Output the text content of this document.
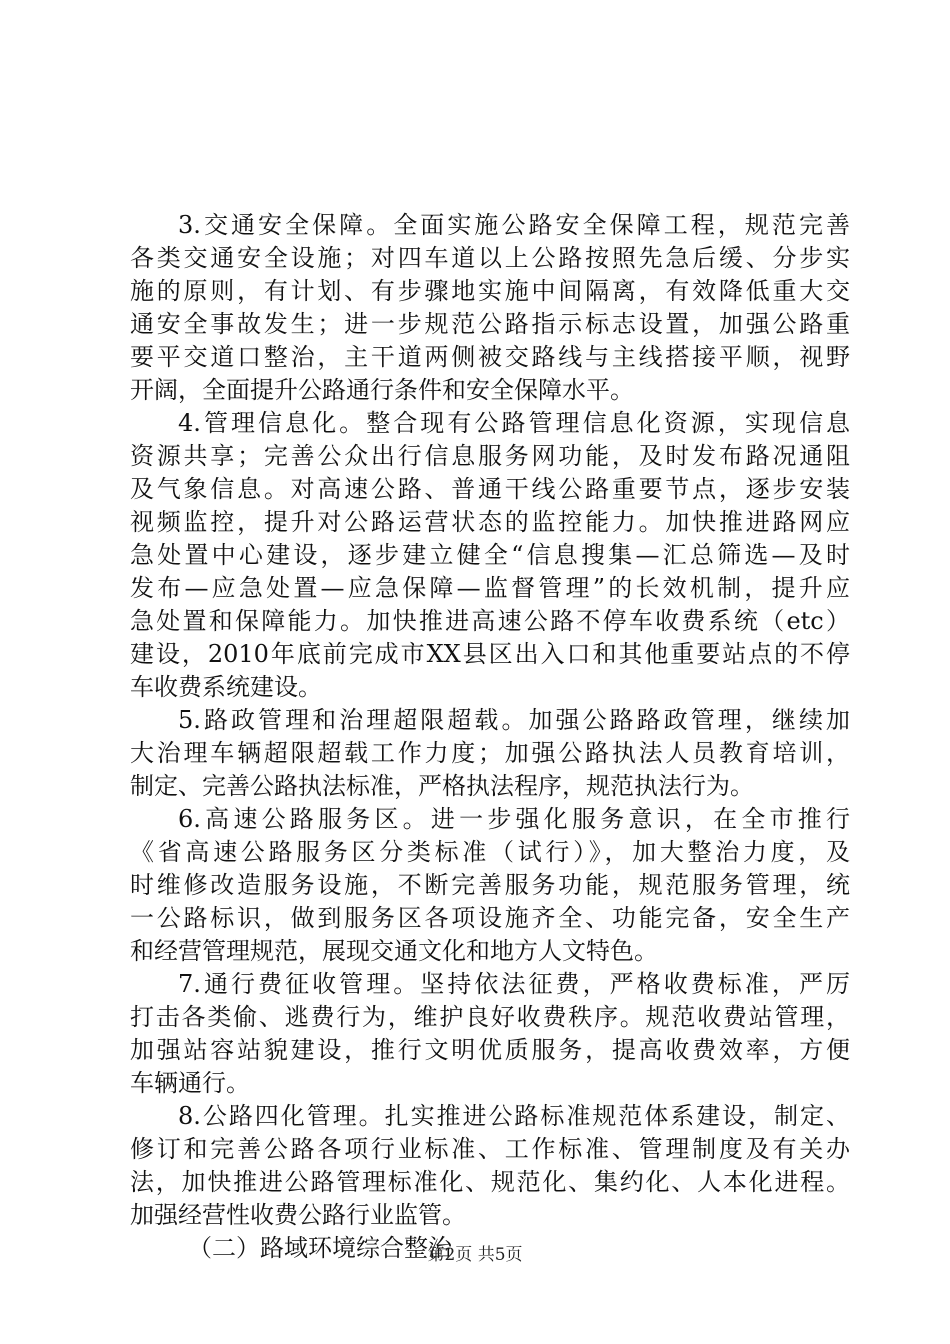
3.交通安全保障。全面实施公路安全保障工程，规范完善
各类交通安全设施；对四车道以上公路按照先急后缓、分步实
施的原则，有计划、有步骤地实施中间隔离，有效降低重大交
通安全事故发生；进一步规范公路指示标志设置，加强公路重
要平交道口整治，主干道两侧被交路线与主线搭接平顺，视野
开阔，全面提升公路通行条件和安全保障水平。
4.管理信息化。整合现有公路管理信息化资源，实现信息
资源共享；完善公众出行信息服务网功能，及时发布路况通阻
及气象信息。对高速公路、普通干线公路重要节点，逐步安装
视频监控，提升对公路运营状态的监控能力。加快推进路网应
急处置中心建设，逐步建立健全“信息搜集—汇总筛选—及时
发布—应急处置—应急保障—监督管理”的长效机制，提升应
急处置和保障能力。加快推进高速公路不停车收费系统（etc）
建设，2010年底前完成市XX县区出入口和其他重要站点的不停
车收费系统建设。
5.路政管理和治理超限超载。加强公路路政管理，继续加
大治理车辆超限超载工作力度；加强公路执法人员教育培训，
制定、完善公路执法标准，严格执法程序，规范执法行为。
6.高速公路服务区。进一步强化服务意识，在全市推行
《省高速公路服务区分类标准（试行）》，加大整治力度，及
时维修改造服务设施，不断完善服务功能，规范服务管理，统
一公路标识，做到服务区各项设施齐全、功能完备，安全生产
和经营管理规范，展现交通文化和地方人文特色。
7.通行费征收管理。坚持依法征费，严格收费标准，严厉
打击各类偷、逃费行为，维护良好收费秩序。规范收费站管理，
加强站容站貌建设，推行文明优质服务，提高收费效率，方便
车辆通行。
8.公路四化管理。扎实推进公路标准规范体系建设，制定、
修订和完善公路各项行业标准、工作标准、管理制度及有关办
法，加快推进公路管理标准化、规范化、集约化、人本化进程。
加强经营性收费公路行业监管。
（二）路域环境综合整治
第2页 共5页
